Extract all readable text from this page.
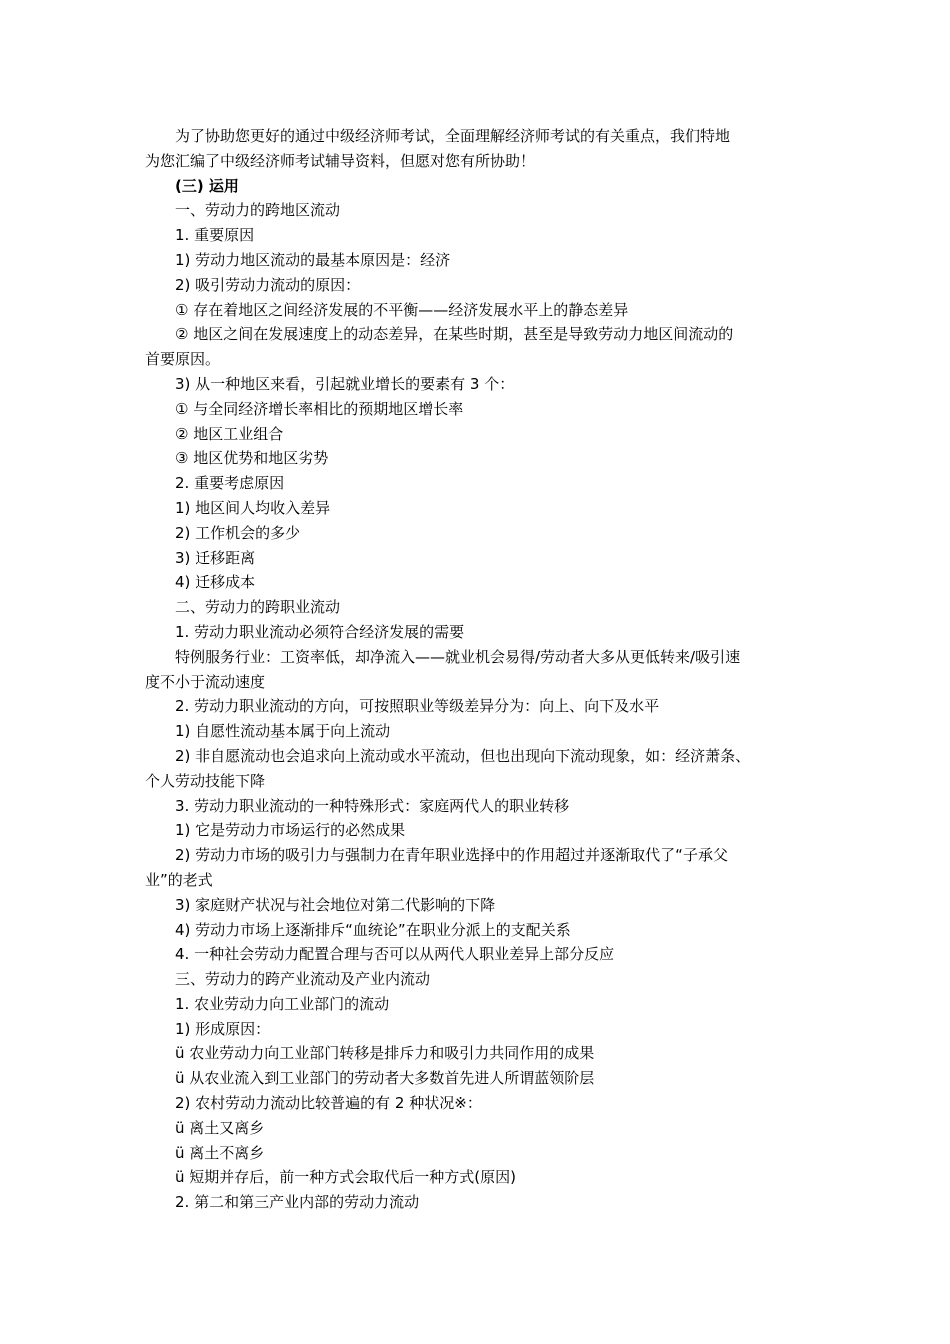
为了协助您更好的通过中级经济师考试，全面理解经济师考试的有关重点，我们特地
为您汇编了中级经济师考试辅导资料，但愿对您有所协助！
(三) 运用
一、劳动力的跨地区流动
1. 重要原因
1) 劳动力地区流动的最基本原因是：经济
2) 吸引劳动力流动的原因：
① 存在着地区之间经济发展的不平衡——经济发展水平上的静态差异
② 地区之间在发展速度上的动态差异，在某些时期，甚至是导致劳动力地区间流动的
首要原因。
3) 从一种地区来看，引起就业增长的要素有 3 个：
① 与全同经济增长率相比的预期地区增长率
② 地区工业组合
③ 地区优势和地区劣势
2. 重要考虑原因
1) 地区间人均收入差异
2) 工作机会的多少
3) 迁移距离
4) 迁移成本
二、劳动力的跨职业流动
1. 劳动力职业流动必须符合经济发展的需要
特例服务行业：工资率低，却净流入——就业机会易得/劳动者大多从更低转来/吸引速
度不小于流动速度
2. 劳动力职业流动的方向，可按照职业等级差异分为：向上、向下及水平
1) 自愿性流动基本属于向上流动
2) 非自愿流动也会追求向上流动或水平流动，但也出现向下流动现象，如：经济萧条、
个人劳动技能下降
3. 劳动力职业流动的一种特殊形式：家庭两代人的职业转移
1) 它是劳动力市场运行的必然成果
2) 劳动力市场的吸引力与强制力在青年职业选择中的作用超过并逐渐取代了“子承父
业”的老式
3) 家庭财产状况与社会地位对第二代影响的下降
4) 劳动力市场上逐渐排斥“血统论”在职业分派上的支配关系
4. 一种社会劳动力配置合理与否可以从两代人职业差异上部分反应
三、劳动力的跨产业流动及产业内流动
1. 农业劳动力向工业部门的流动
1) 形成原因：
ü 农业劳动力向工业部门转移是排斥力和吸引力共同作用的成果
ü 从农业流入到工业部门的劳动者大多数首先进人所谓蓝领阶层
2) 农村劳动力流动比较普遍的有 2 种状况※：
ü 离土又离乡
ü 离土不离乡
ü 短期并存后，前一种方式会取代后一种方式(原因)
2. 第二和第三产业内部的劳动力流动
